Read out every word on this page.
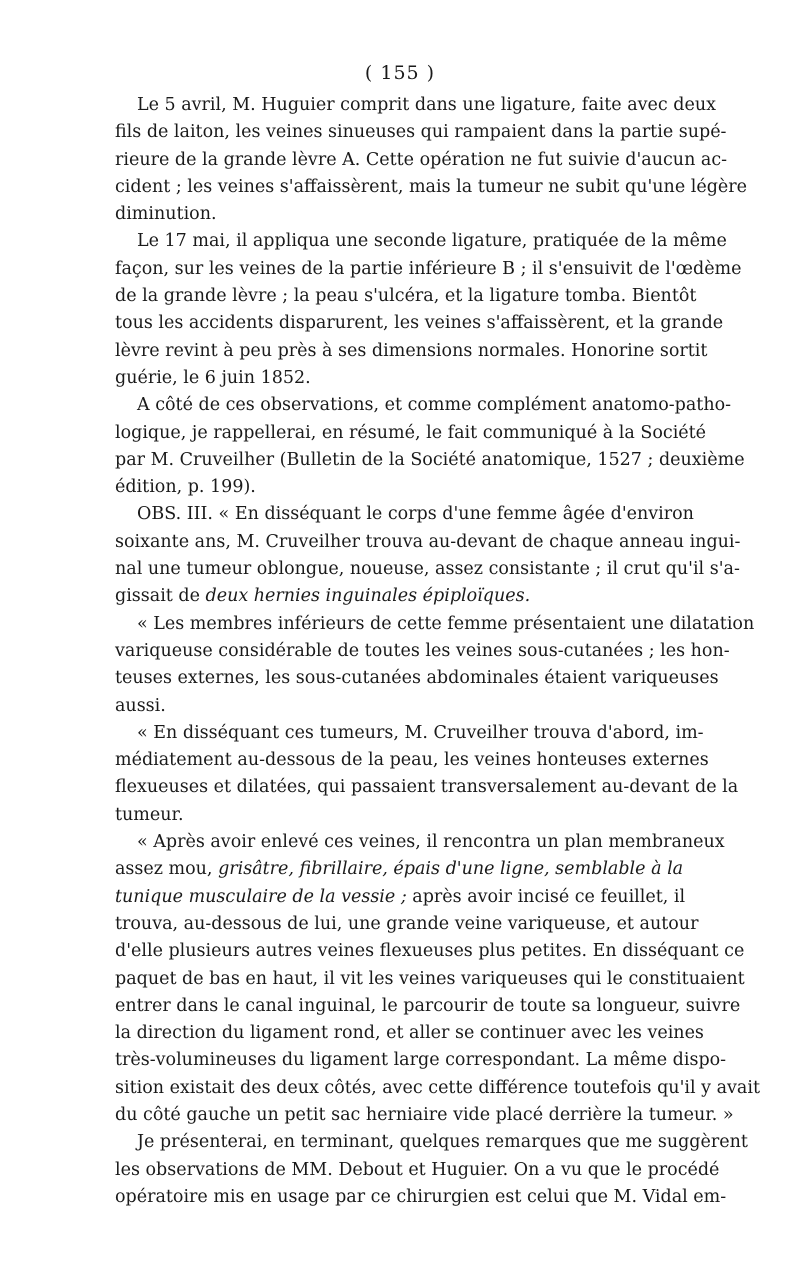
( 155 )
Le 5 avril, M. Huguier comprit dans une ligature, faite avec deux
fils de laiton, les veines sinueuses qui rampaient dans la partie supé-
rieure de la grande lèvre A. Cette opération ne fut suivie d'aucun ac-
cident ; les veines s'affaissèrent, mais la tumeur ne subit qu'une légère
diminution.
Le 17 mai, il appliqua une seconde ligature, pratiquée de la même
façon, sur les veines de la partie inférieure B ; il s'ensuivit de l'œdème
de la grande lèvre ; la peau s'ulcéra, et la ligature tomba. Bientôt
tous les accidents disparurent, les veines s'affaissèrent, et la grande
lèvre revint à peu près à ses dimensions normales. Honorine sortit
guérie, le 6 juin 1852.
A côté de ces observations, et comme complément anatomo-patho-
logique, je rappellerai, en résumé, le fait communiqué à la Société
par M. Cruveilher (Bulletin de la Société anatomique, 1527 ; deuxième
édition, p. 199).
OBS. III. « En disséquant le corps d'une femme âgée d'environ
soixante ans, M. Cruveilher trouva au-devant de chaque anneau ingui-
nal une tumeur oblongue, noueuse, assez consistante ; il crut qu'il s'a-
gissait de deux hernies inguinales épiploïques.
« Les membres inférieurs de cette femme présentaient une dilatation
variqueuse considérable de toutes les veines sous-cutanées ; les hon-
teuses externes, les sous-cutanées abdominales étaient variqueuses
aussi.
« En disséquant ces tumeurs, M. Cruveilher trouva d'abord, im-
médiatement au-dessous de la peau, les veines honteuses externes
flexueuses et dilatées, qui passaient transversalement au-devant de la
tumeur.
« Après avoir enlevé ces veines, il rencontra un plan membraneux
assez mou, grisâtre, fibrillaire, épais d'une ligne, semblable à la
tunique musculaire de la vessie ; après avoir incisé ce feuillet, il
trouva, au-dessous de lui, une grande veine variqueuse, et autour
d'elle plusieurs autres veines flexueuses plus petites. En disséquant ce
paquet de bas en haut, il vit les veines variqueuses qui le constituaient
entrer dans le canal inguinal, le parcourir de toute sa longueur, suivre
la direction du ligament rond, et aller se continuer avec les veines
très-volumineuses du ligament large correspondant. La même dispo-
sition existait des deux côtés, avec cette différence toutefois qu'il y avait
du côté gauche un petit sac herniaire vide placé derrière la tumeur. »
Je présenterai, en terminant, quelques remarques que me suggèrent
les observations de MM. Debout et Huguier. On a vu que le procédé
opératoire mis en usage par ce chirurgien est celui que M. Vidal em-
